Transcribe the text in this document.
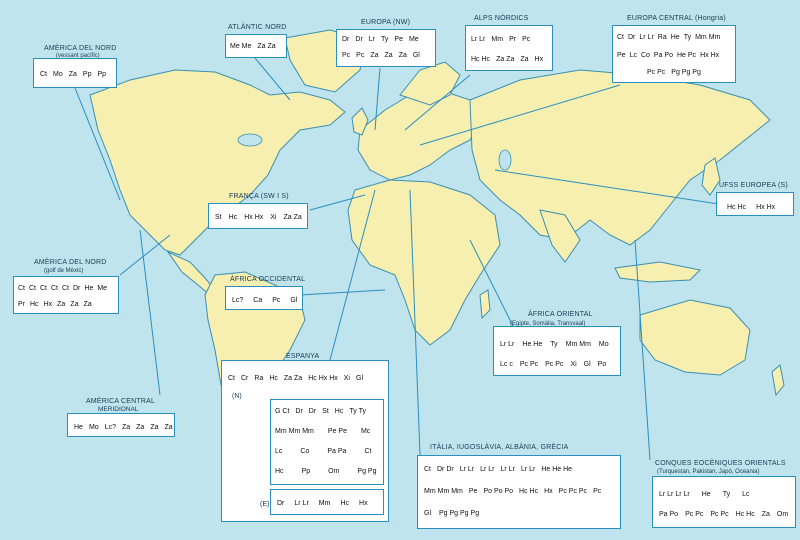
AMÈRICA DEL NORD
(vessant pacífic)
Ct Mo Za Pp Pp
ATLÀNTIC NORD
Me Me Za Za
EUROPA (NW)
Dr Dr Lr Ty Pe Me
Pc Pc Za Za Za Gl
ALPS NÒRDICS
Lr Lr Mm Pr Pc
Hc Hc Za Za Za Hx
EUROPA CENTRAL (Hongria)
Ct Dr Lr Lr Ra He Ty Mm Mm
Pe Lc Co Pa Po He Pc Hx Hx
Pc Pc Pg Pg Pg
FRANÇA (SW I S)
St Hc Hx Hx Xi Za Za
UFSS EUROPEA (S)
Hc Hc Hx Hx
AMÈRICA DEL NORD
(golf de Mèxic)
Ct Ct Ct Ct Ct Dr He Me
Pr Hc Hx Za Za Za
ÀFRICA OCCIDENTAL
Lc? Ca Pc Gl
ÀFRICA ORIENTAL
(Egipte, Somàlia, Transvaal)
Lr Lr He He Ty Mm Mm Mo
Lc c Pc Pc Pc Pc Xi Gl Po
ESPANYA
Ct Cr Ra Hc Za Za Hc Hx Hx Xi Gl
(N)
G Ct Dr Dr St Hc Ty Ty
Mm Mm Mm Pe Pe Mc
Lc	Co	Pa Pa	Ct
Hc	Pp	Om	Pg Pg
(E) Dr Lr Lr Mm Hc Hx
AMÈRICA CENTRAL
MERIDIONAL
He Mo Lc? Za Za Za Za
ITÀLIA, IUGOSLÀVIA, ALBÀNIA, GRÈCIA
Ct Dr Dr Lr Lr Lr Lr Lr Lr Lr Lr He He He
Mm Mm Mm Pe Po Po Po Hc Hc Hx Pc Pc Pc Pc
Gl Pg Pg Pg Pg
CONQUES EOCÈNIQUES ORIENTALS
(Turquestan, Pakistan, Japó, Oceania)
Lr Lr Lr Lr He Ty Lc
Pa Po Pc Pc Pc Pc Hc Hc Za Om
